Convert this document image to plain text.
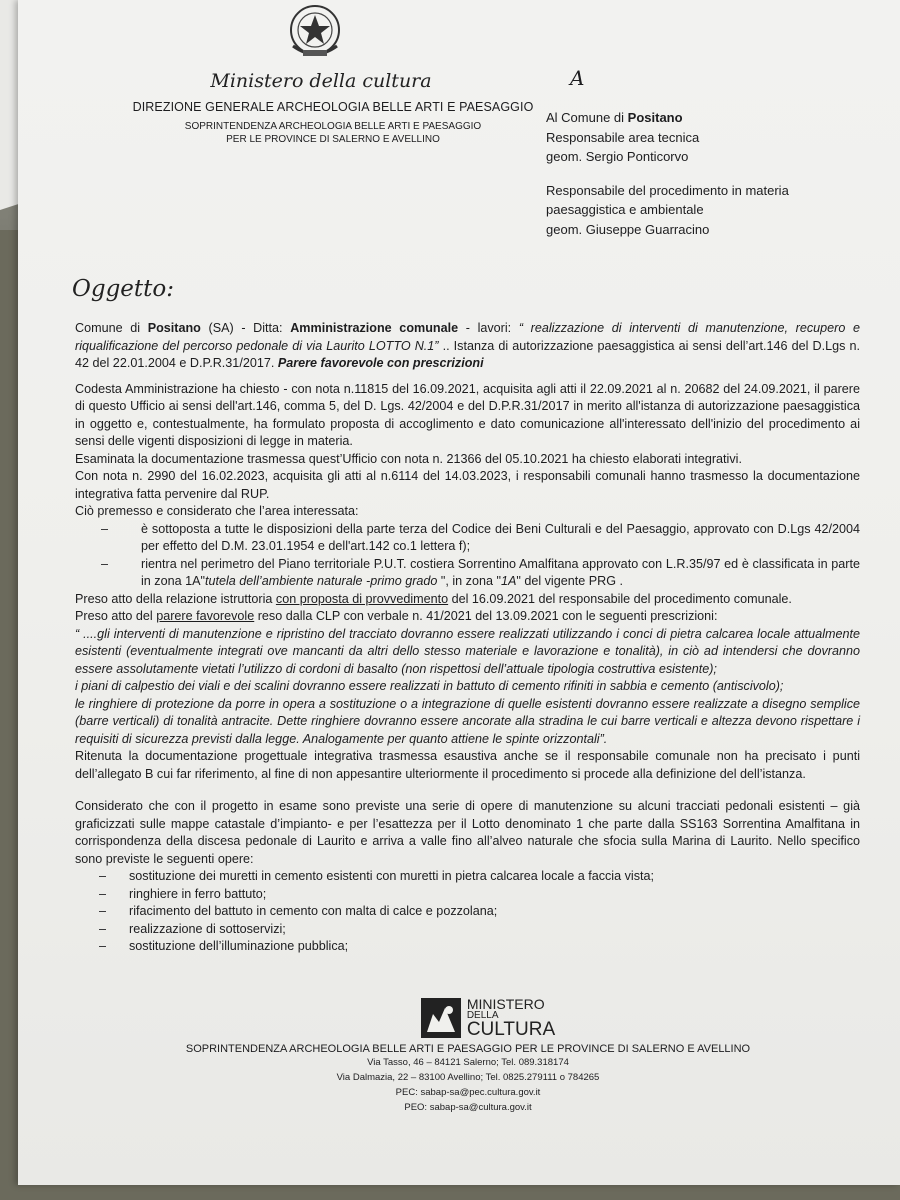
Ministero della cultura
DIREZIONE GENERALE ARCHEOLOGIA BELLE ARTI E PAESAGGIO
SOPRINTENDENZA ARCHEOLOGIA BELLE ARTI E PAESAGGIO
PER LE PROVINCE DI SALERNO E AVELLINO
A
Al Comune di Positano
Responsabile area tecnica
geom. Sergio Ponticorvo
Responsabile del procedimento in materia
paesaggistica e ambientale
geom. Giuseppe Guarracino
Oggetto:

Comune di Positano (SA) - Ditta: Amministrazione comunale - lavori: “ realizzazione di interventi di manutenzione, recupero e riqualificazione del percorso pedonale di via Laurito LOTTO N.1” .. Istanza di autorizzazione paesaggistica ai sensi dell’art.146 del D.Lgs n. 42 del 22.01.2004 e D.P.R.31/2017. Parere favorevole con prescrizioni

Codesta Amministrazione ha chiesto - con nota n.11815 del 16.09.2021, acquisita agli atti il 22.09.2021 al n. 20682 del 24.09.2021, il parere di questo Ufficio ai sensi dell'art.146, comma 5, del D. Lgs. 42/2004 e del D.P.R.31/2017 in merito all'istanza di autorizzazione paesaggistica in oggetto e, contestualmente, ha formulato proposta di accoglimento e dato comunicazione all'interessato dell'inizio del procedimento ai sensi delle vigenti disposizioni di legge in materia.

Esaminata la documentazione trasmessa quest’Ufficio con nota n. 21366 del 05.10.2021 ha chiesto elaborati integrativi.

Con nota n. 2990 del 16.02.2023, acquisita gli atti al n.6114 del 14.03.2023, i responsabili comunali hanno trasmesso la documentazione integrativa fatta pervenire dal RUP.

Ciò premesso e considerato che l’area interessata:

– è sottoposta a tutte le disposizioni della parte terza del Codice dei Beni Culturali e del Paesaggio, approvato con D.Lgs 42/2004 per effetto del D.M. 23.01.1954 e dell'art.142 co.1 lettera f);
– rientra nel perimetro del Piano territoriale P.U.T. costiera Sorrentino Amalfitana approvato con L.R.35/97 ed è classificata in parte in zona 1A"tutela dell’ambiente naturale -primo grado ", in zona "1A" del vigente PRG .

Preso atto della relazione istruttoria con proposta di provvedimento del 16.09.2021 del responsabile del procedimento comunale.

Preso atto del parere favorevole reso dalla CLP con verbale n. 41/2021 del 13.09.2021 con le seguenti prescrizioni:

“ ....gli interventi di manutenzione e ripristino del tracciato dovranno essere realizzati utilizzando i conci di pietra calcarea locale attualmente esistenti (eventualmente integrati ove mancanti da altri dello stesso materiale e lavorazione e tonalità), in ciò ad intendersi che dovranno essere assolutamente vietati l’utilizzo di cordoni di basalto (non rispettosi dell’attuale tipologia costruttiva esistente);

i piani di calpestio dei viali e dei scalini dovranno essere realizzati in battuto di cemento rifiniti in sabbia e cemento (antiscivolo);

le ringhiere di protezione da porre in opera a sostituzione o a integrazione di quelle esistenti dovranno essere realizzate a disegno semplice (barre verticali) di tonalità antracite. Dette ringhiere dovranno essere ancorate alla stradina le cui barre verticali e altezza devono rispettare i requisiti di sicurezza previsti dalla legge. Analogamente per quanto attiene le spinte orizzontali”.

Ritenuta la documentazione progettuale integrativa trasmessa esaustiva anche se il responsabile comunale non ha precisato i punti dell’allegato B cui far riferimento, al fine di non appesantire ulteriormente il procedimento si procede alla definizione del dell’istanza.

Considerato che con il progetto in esame sono previste una serie di opere di manutenzione su alcuni tracciati pedonali esistenti – già graficizzati sulle mappe catastale d’impianto- e per l’esattezza per il Lotto denominato 1 che parte dalla SS163 Sorrentina Amalfitana in corrispondenza della discesa pedonale di Laurito e arriva a valle fino all’alveo naturale che sfocia sulla Marina di Laurito. Nello specifico sono previste le seguenti opere:

– sostituzione dei muretti in cemento esistenti con muretti in pietra calcarea locale a faccia vista;
– ringhiere in ferro battuto;
– rifacimento del battuto in cemento con malta di calce e pozzolana;
– realizzazione di sottoservizi;
– sostituzione dell’illuminazione pubblica;
MINISTERO
DELLA
CULTURA
SOPRINTENDENZA ARCHEOLOGIA BELLE ARTI E PAESAGGIO PER LE PROVINCE DI SALERNO E AVELLINO
Via Tasso, 46 – 84121 Salerno; Tel. 089.318174
Via Dalmazia, 22 – 83100 Avellino; Tel. 0825.279111 o 784265
PEC: sabap-sa@pec.cultura.gov.it
PEO: sabap-sa@cultura.gov.it
